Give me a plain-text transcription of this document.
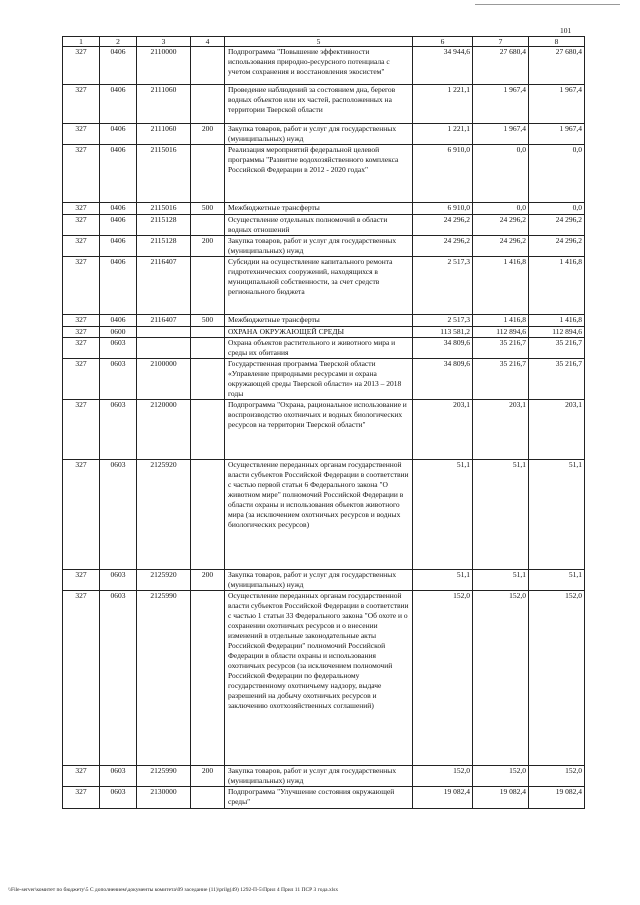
101
1	2	3	4	5	6	7	8
327	0406	2110000		Подпрограмма "Повышение эффективности использования природно-ресурсного потенциала с учетом сохранения и восстановления экосистем"	34 944,6	27 680,4	27 680,4
327	0406	2111060		Проведение наблюдений за состоянием дна, берегов водных объектов или их частей, расположенных на территории Тверской области	1 221,1	1 967,4	1 967,4
327	0406	2111060	200	Закупка товаров, работ и услуг для государственных (муниципальных) нужд	1 221,1	1 967,4	1 967,4
327	0406	2115016		Реализация мероприятий федеральной целевой программы "Развитие водохозяйственного комплекса Российской Федерации в 2012 - 2020 годах"	6 910,0	0,0	0,0
327	0406	2115016	500	Межбюджетные трансферты	6 910,0	0,0	0,0
327	0406	2115128		Осуществление отдельных полномочий в области водных отношений	24 296,2	24 296,2	24 296,2
327	0406	2115128	200	Закупка товаров, работ и услуг для государственных (муниципальных) нужд	24 296,2	24 296,2	24 296,2
327	0406	2116407		Субсидии на осуществление капитального ремонта гидротехнических сооружений, находящихся в муниципальной собственности, за счет средств регионального бюджета	2 517,3	1 416,8	1 416,8
327	0406	2116407	500	Межбюджетные трансферты	2 517,3	1 416,8	1 416,8
327	0600			ОХРАНА ОКРУЖАЮЩЕЙ СРЕДЫ	113 581,2	112 894,6	112 894,6
327	0603			Охрана объектов растительного и животного мира и среды их обитания	34 809,6	35 216,7	35 216,7
327	0603	2100000		Государственная программа Тверской области «Управление природными ресурсами и охрана окружающей среды Тверской области» на 2013 – 2018 годы	34 809,6	35 216,7	35 216,7
327	0603	2120000		Подпрограмма "Охрана, рациональное использование и воспроизводство охотничьих и водных биологических ресурсов на территории Тверской области"	203,1	203,1	203,1
327	0603	2125920		Осуществление переданных органам государственной власти субъектов Российской Федерации в соответствии с частью первой статьи 6 Федерального закона "О животном мире" полномочий Российской Федерации в области охраны и использования объектов животного мира (за исключением охотничьих ресурсов и водных биологических ресурсов)	51,1	51,1	51,1
327	0603	2125920	200	Закупка товаров, работ и услуг для государственных (муниципальных) нужд	51,1	51,1	51,1
327	0603	2125990		Осуществление переданных органам государственной власти субъектов Российской Федерации в соответствии с частью 1 статьи 33 Федерального закона "Об охоте и о сохранении охотничьих ресурсов и о внесении изменений в отдельные законодательные акты Российской Федерации" полномочий Российской Федерации в области охраны и использования охотничьих ресурсов (за исключением полномочий Российской Федерации по федеральному государственному охотничьему надзору, выдаче разрешений на добычу охотничьих ресурсов и заключению охотхозяйственных соглашений)	152,0	152,0	152,0
327	0603	2125990	200	Закупка товаров, работ и услуг для государственных (муниципальных) нужд	152,0	152,0	152,0
327	0603	2130000		Подпрограмма "Улучшение состояния окружающей среды"	19 082,4	19 082,4	19 082,4
\\File-server\комитет по бюджету\5 С дополнением\документы комитета\09 заседание (11)\prilg(49) 1292-П-5\Прил 4 Прил 11 ПСР 3 года.xlsx
